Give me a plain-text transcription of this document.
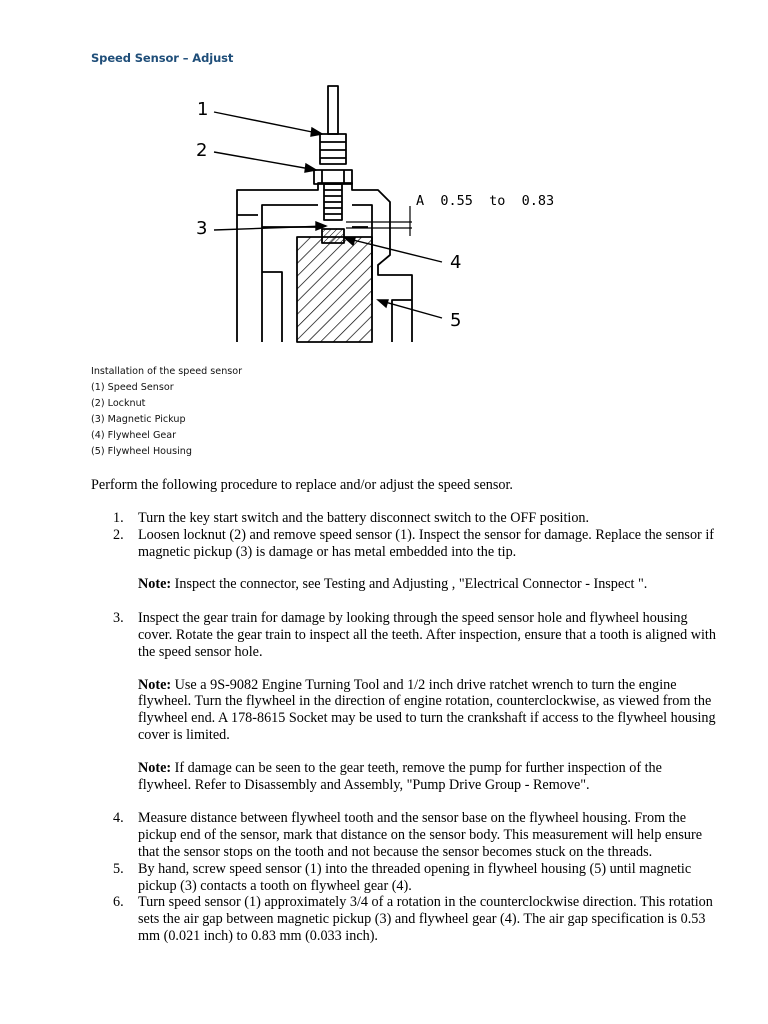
Speed Sensor – Adjust
1
2
3
4
5
A  0.55  to  0.83
Installation of the speed sensor
(1) Speed Sensor
(2) Locknut
(3) Magnetic Pickup
(4) Flywheel Gear
(5) Flywheel Housing
Perform the following procedure to replace and/or adjust the speed sensor.
1. Turn the key start switch and the battery disconnect switch to the OFF position.
2. Loosen locknut (2) and remove speed sensor (1). Inspect the sensor for damage. Replace the sensor if magnetic pickup (3) is damage or has metal embedded into the tip.
Note: Inspect the connector, see Testing and Adjusting , "Electrical Connector - Inspect ".
3. Inspect the gear train for damage by looking through the speed sensor hole and flywheel housing cover. Rotate the gear train to inspect all the teeth. After inspection, ensure that a tooth is aligned with the speed sensor hole.
Note: Use a 9S-9082 Engine Turning Tool and 1/2 inch drive ratchet wrench to turn the engine flywheel. Turn the flywheel in the direction of engine rotation, counterclockwise, as viewed from the flywheel end. A 178-8615 Socket may be used to turn the crankshaft if access to the flywheel housing cover is limited.
Note: If damage can be seen to the gear teeth, remove the pump for further inspection of the flywheel. Refer to Disassembly and Assembly, "Pump Drive Group - Remove".
4. Measure distance between flywheel tooth and the sensor base on the flywheel housing. From the pickup end of the sensor, mark that distance on the sensor body. This measurement will help ensure that the sensor stops on the tooth and not because the sensor becomes stuck on the threads.
5. By hand, screw speed sensor (1) into the threaded opening in flywheel housing (5) until magnetic pickup (3) contacts a tooth on flywheel gear (4).
6. Turn speed sensor (1) approximately 3/4 of a rotation in the counterclockwise direction. This rotation sets the air gap between magnetic pickup (3) and flywheel gear (4). The air gap specification is 0.53 mm (0.021 inch) to 0.83 mm (0.033 inch).
